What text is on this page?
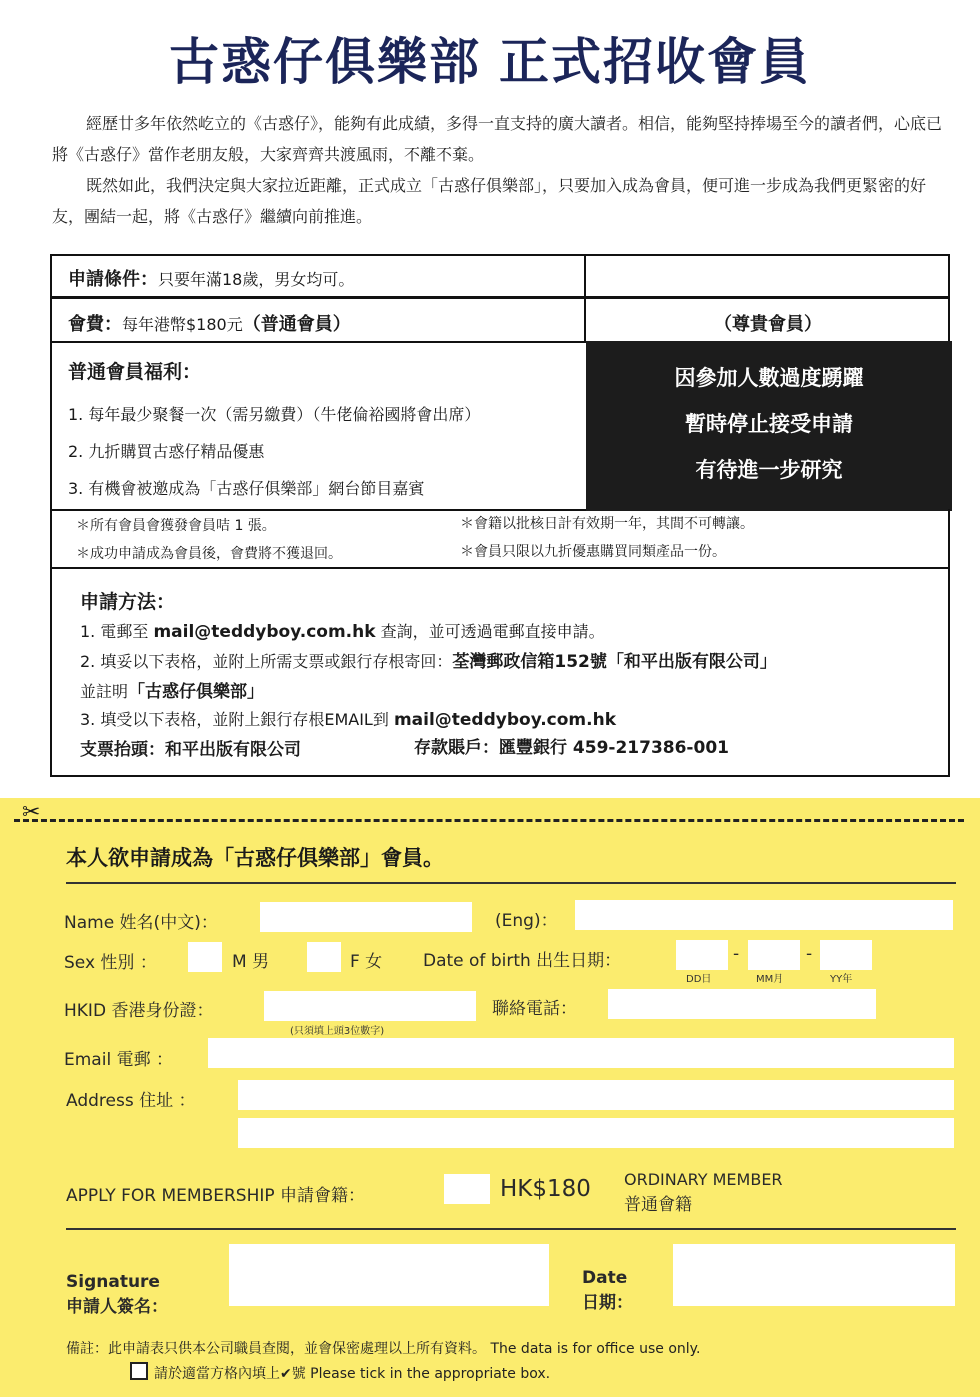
古惑仔俱樂部 正式招收會員

經歷廿多年依然屹立的《古惑仔》，能夠有此成績，多得一直支持的廣大讀者。相信，能夠堅持捧場至今的讀者們，心底已將《古惑仔》當作老朋友般，大家齊齊共渡風雨，不離不棄。

既然如此，我們決定與大家拉近距離，正式成立「古惑仔俱樂部」，只要加入成為會員，便可進一步成為我們更緊密的好友，團結一起，將《古惑仔》繼續向前推進。

申請條件：只要年滿18歲，男女均可。
會費：每年港幣$180元（普通會員）	（尊貴會員）
普通會員福利：
1. 每年最少聚餐一次（需另繳費）（牛佬倫裕國將會出席）
2. 九折購買古惑仔精品優惠
3. 有機會被邀成為「古惑仔俱樂部」網台節目嘉賓
因參加人數過度踴躍
暫時停止接受申請
有待進一步研究
＊所有會員會獲發會員咭 1 張。	＊會籍以批核日計有效期一年，其間不可轉讓。
＊成功申請成為會員後，會費將不獲退回。	＊會員只限以九折優惠購買同類產品一份。
申請方法：
1. 電郵至 mail@teddyboy.com.hk 查詢，並可透過電郵直接申請。
2. 填妥以下表格，並附上所需支票或銀行存根寄回：荃灣郵政信箱152號「和平出版有限公司」
並註明「古惑仔俱樂部」
3. 填受以下表格，並附上銀行存根EMAIL到 mail@teddyboy.com.hk
支票抬頭：和平出版有限公司	存款賬戶：匯豐銀行 459-217386-001
✂
本人欲申請成為「古惑仔俱樂部」會員。
Name 姓名(中文)：	(Eng)：
Sex 性別 ：	M 男	F 女 Date of birth 出生日期：	-	-
DD日	MM月	YY年
HKID 香港身份證：
(只須填上頭3位數字)
聯絡電話：
Email 電郵 ：
Address 住址 ：
APPLY FOR MEMBERSHIP 申請會籍：	HK$180 ORDINARY MEMBER
普通會籍
Signature
申請人簽名：
Date
日期：
備註：此申請表只供本公司職員查閱，並會保密處理以上所有資料。 The data is for office use only.
請於適當方格內填上✔號 Please tick in the appropriate box.
